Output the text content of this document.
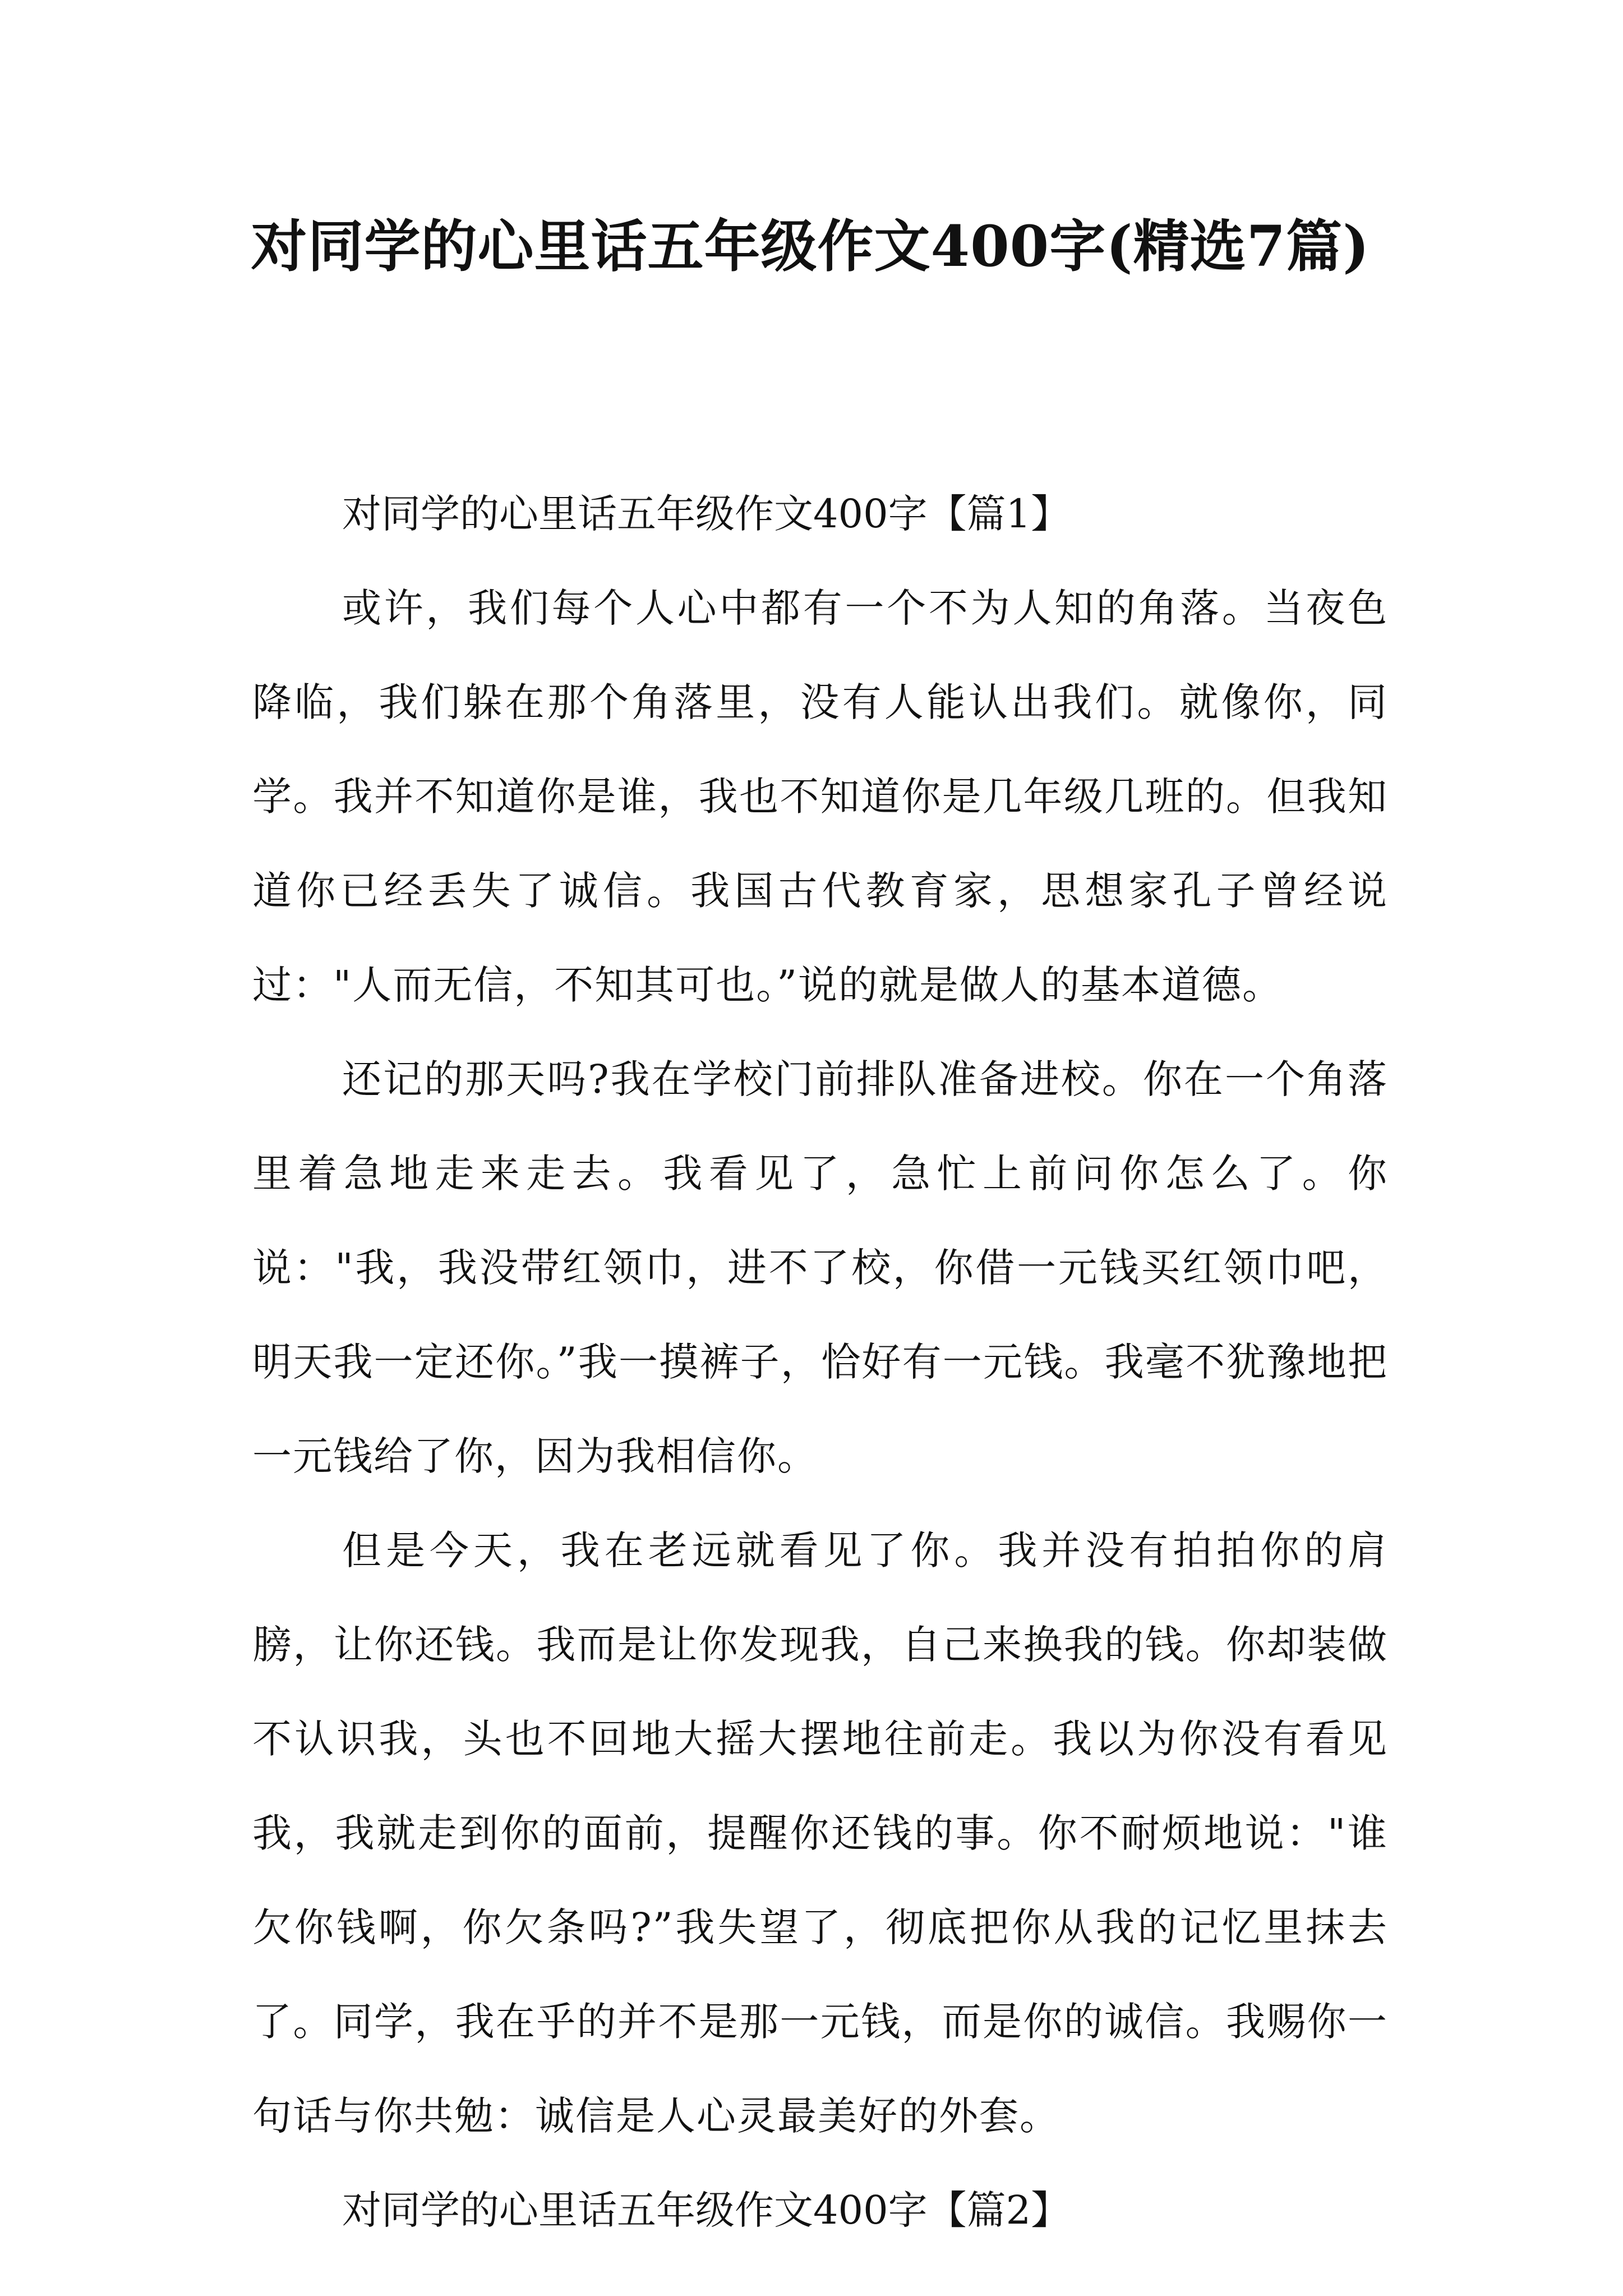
对同学的心里话五年级作文400字(精选7篇)
对同学的心里话五年级作文400字【篇1】

或许，我们每个人心中都有一个不为人知的角落。当夜色降临，我们躲在那个角落里，没有人能认出我们。就像你，同学。我并不知道你是谁，我也不知道你是几年级几班的。但我知道你已经丢失了诚信。我国古代教育家，思想家孔子曾经说过："人而无信，不知其可也。”说的就是做人的基本道德。

还记的那天吗?我在学校门前排队准备进校。你在一个角落里着急地走来走去。我看见了，急忙上前问你怎么了。你说："我，我没带红领巾，进不了校，你借一元钱买红领巾吧，明天我一定还你。”我一摸裤子，恰好有一元钱。我毫不犹豫地把一元钱给了你，因为我相信你。

但是今天，我在老远就看见了你。我并没有拍拍你的肩膀，让你还钱。我而是让你发现我，自己来换我的钱。你却装做不认识我，头也不回地大摇大摆地往前走。我以为你没有看见我，我就走到你的面前，提醒你还钱的事。你不耐烦地说："谁欠你钱啊，你欠条吗?”我失望了，彻底把你从我的记忆里抹去了。同学，我在乎的并不是那一元钱，而是你的诚信。我赐你一句话与你共勉：诚信是人心灵最美好的外套。

对同学的心里话五年级作文400字【篇2】
